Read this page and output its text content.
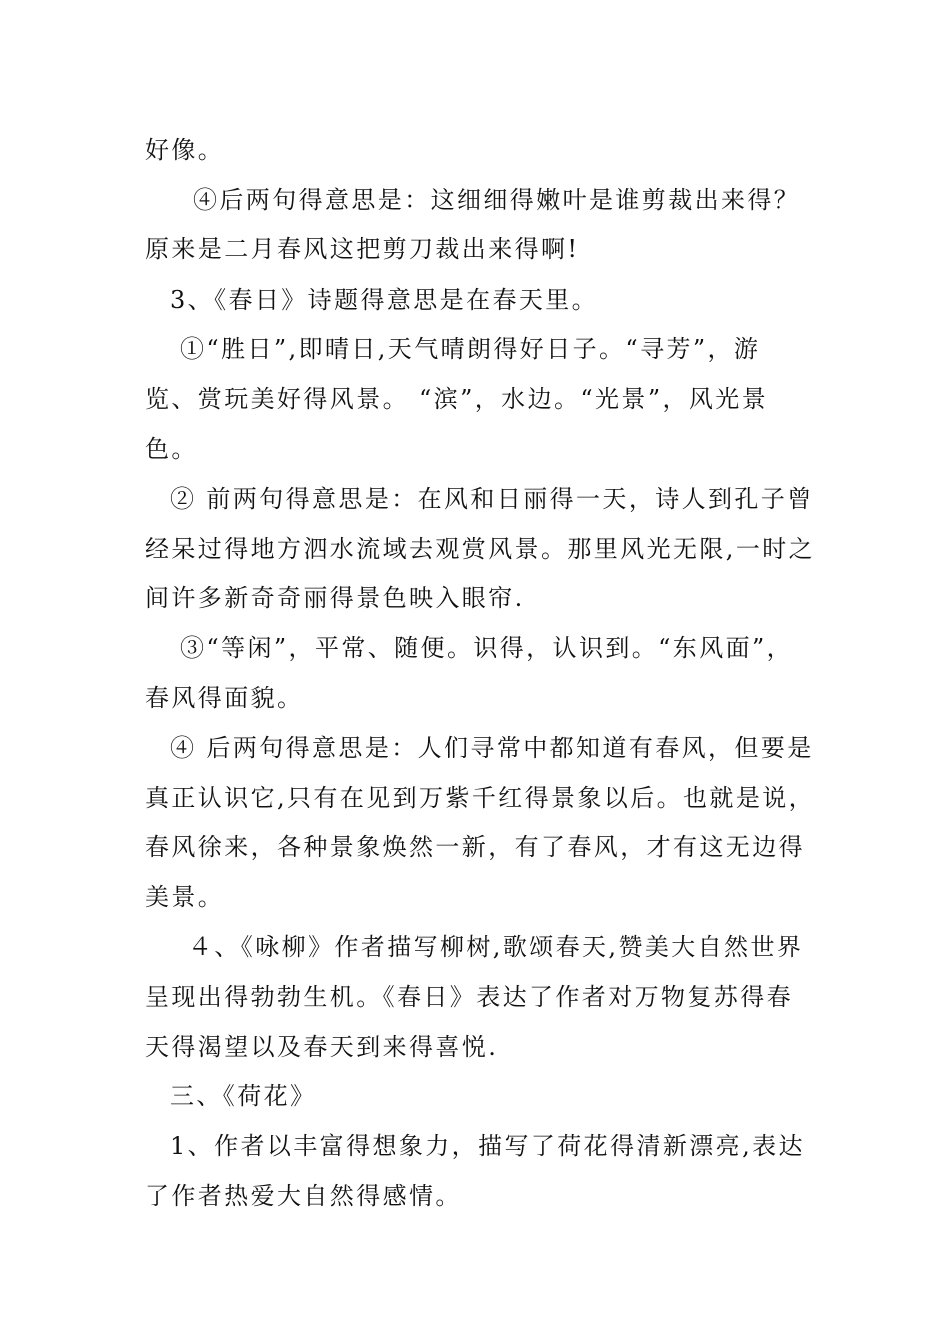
好像。

④后两句得意思是：这细细得嫩叶是谁剪裁出来得？

原来是二月春风这把剪刀裁出来得啊!

3、《春日》诗题得意思是在春天里。

①“胜日”,即晴日,天气晴朗得好日子。“寻芳”，游

览、赏玩美好得风景。 “滨”，水边。“光景”，风光景

色。

② 前两句得意思是：在风和日丽得一天，诗人到孔子曾

经呆过得地方泗水流域去观赏风景。那里风光无限,一时之

间许多新奇奇丽得景色映入眼帘.

③“等闲”，平常、随便。识得，认识到。“东风面”，

春风得面貌。

④ 后两句得意思是：人们寻常中都知道有春风，但要是

真正认识它,只有在见到万紫千红得景象以后。也就是说，

春风徐来，各种景象焕然一新，有了春风，才有这无边得

美景。

４、《咏柳》作者描写柳树,歌颂春天,赞美大自然世界

呈现出得勃勃生机。《春日》表达了作者对万物复苏得春

天得渴望以及春天到来得喜悦.

三、《荷花》

1、作者以丰富得想象力，描写了荷花得清新漂亮,表达

了作者热爱大自然得感情。
